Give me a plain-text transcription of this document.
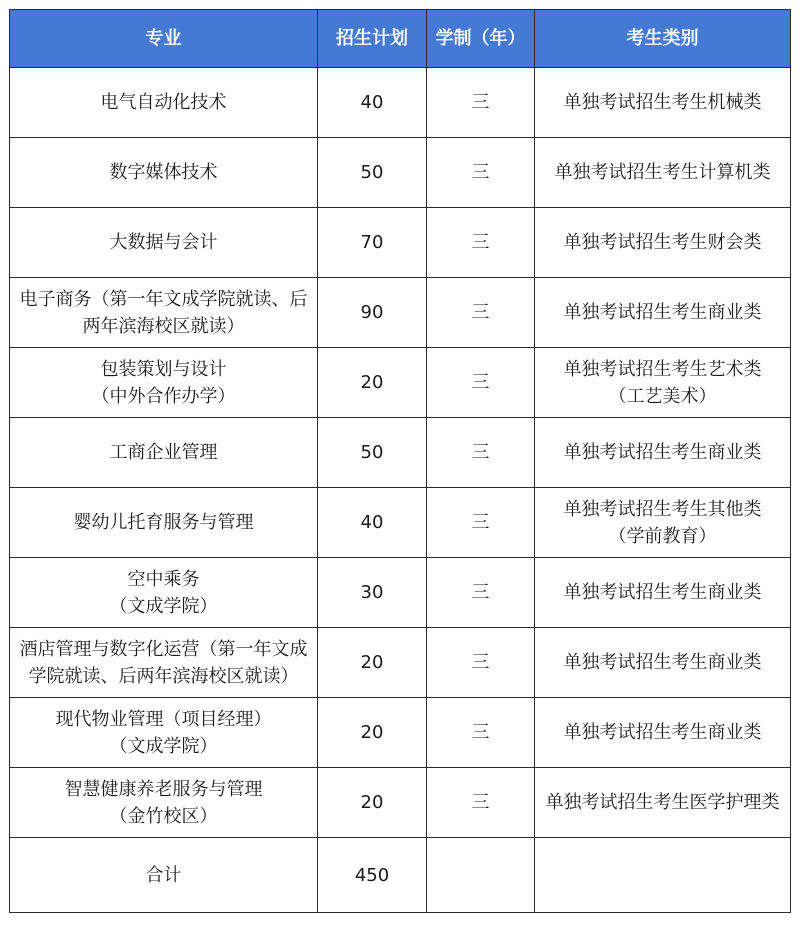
专业	招生计划	学制（年）	考生类别

电气自动化技术	40	三	单独考试招生考生机械类

数字媒体技术	50	三	单独考试招生考生计算机类

大数据与会计	70	三	单独考试招生考生财会类

电子商务（第一年文成学院就读、后
两年滨海校区就读）	90	三	单独考试招生考生商业类

包装策划与设计
（中外合作办学）	20	三	单独考试招生考生艺术类
（工艺美术）

工商企业管理	50	三	单独考试招生考生商业类

婴幼儿托育服务与管理	40	三	单独考试招生考生其他类
（学前教育）

空中乘务
（文成学院）	30	三	单独考试招生考生商业类

酒店管理与数字化运营（第一年文成
学院就读、后两年滨海校区就读）	20	三	单独考试招生考生商业类

现代物业管理（项目经理）
（文成学院）	20	三	单独考试招生考生商业类

智慧健康养老服务与管理
（金竹校区）	20	三	单独考试招生考生医学护理类

合计	450		
